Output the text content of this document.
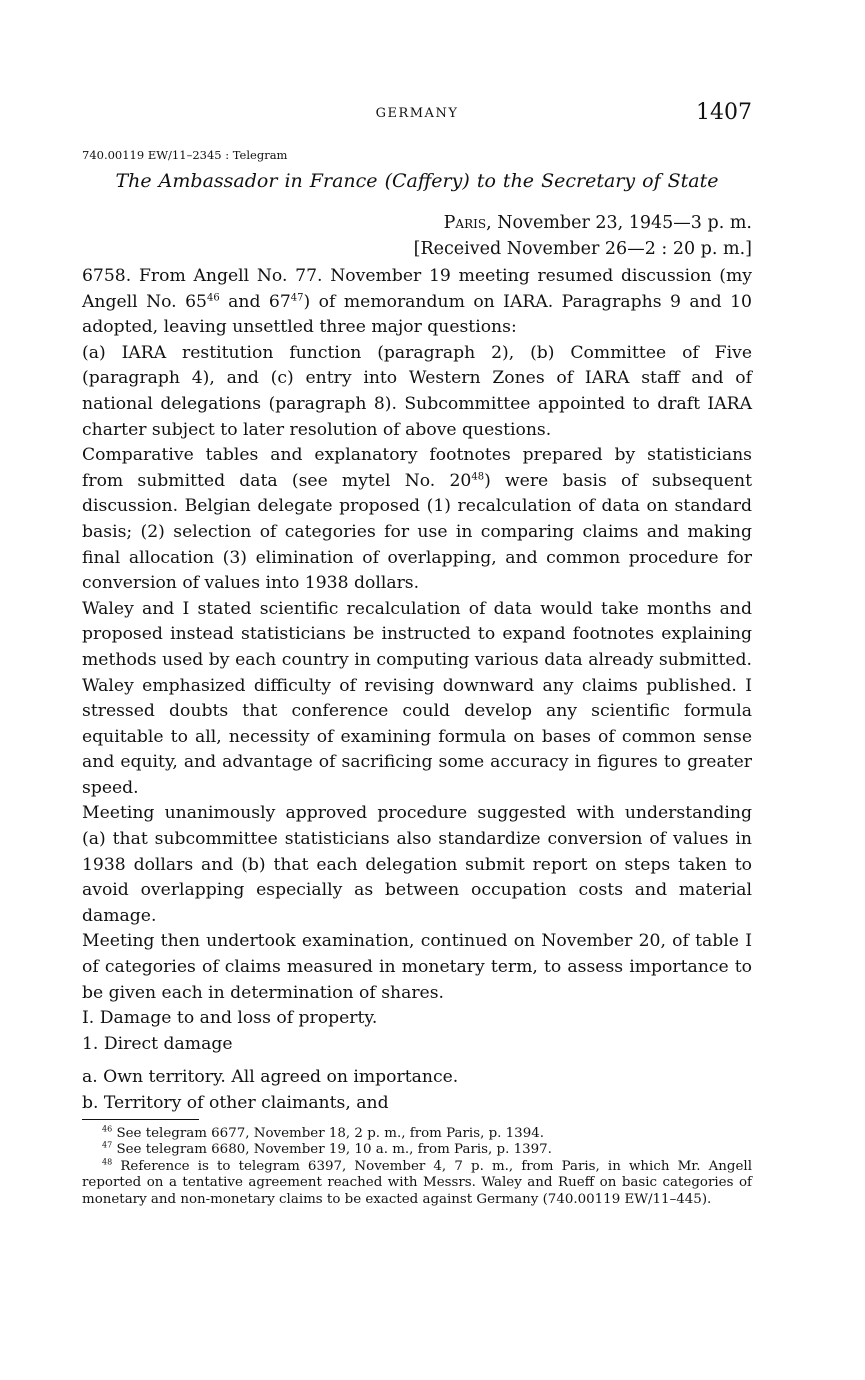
GERMANY	1407
740.00119 EW/11–2345 : Telegram
The Ambassador in France (Caffery) to the Secretary of State
Paris, November 23, 1945—3 p. m.
[Received November 26—2 : 20 p. m.]

6758. From Angell No. 77. November 19 meeting resumed discussion (my Angell No. 65$^{46}$ and 67$^{47}$) of memorandum on IARA. Paragraphs 9 and 10 adopted, leaving unsettled three major questions:

(a) IARA restitution function (paragraph 2), (b) Committee of Five (paragraph 4), and (c) entry into Western Zones of IARA staff and of national delegations (paragraph 8). Subcommittee appointed to draft IARA charter subject to later resolution of above questions.

Comparative tables and explanatory footnotes prepared by statisticians from submitted data (see mytel No. 20$^{48}$) were basis of subsequent discussion. Belgian delegate proposed (1) recalculation of data on standard basis; (2) selection of categories for use in comparing claims and making final allocation (3) elimination of overlapping, and common procedure for conversion of values into 1938 dollars.

Waley and I stated scientific recalculation of data would take months and proposed instead statisticians be instructed to expand footnotes explaining methods used by each country in computing various data already submitted. Waley emphasized difficulty of revising downward any claims published. I stressed doubts that conference could develop any scientific formula equitable to all, necessity of examining formula on bases of common sense and equity, and advantage of sacrificing some accuracy in figures to greater speed.

Meeting unanimously approved procedure suggested with understanding (a) that subcommittee statisticians also standardize conversion of values in 1938 dollars and (b) that each delegation submit report on steps taken to avoid overlapping especially as between occupation costs and material damage.

Meeting then undertook examination, continued on November 20, of table I of categories of claims measured in monetary term, to assess importance to be given each in determination of shares.

I. Damage to and loss of property.

1. Direct damage

a. Own territory. All agreed on importance.

b. Territory of other claimants, and

$^{46}$ See telegram 6677, November 18, 2 p. m., from Paris, p. 1394.

$^{47}$ See telegram 6680, November 19, 10 a. m., from Paris, p. 1397.

$^{48}$ Reference is to telegram 6397, November 4, 7 p. m., from Paris, in which Mr. Angell reported on a tentative agreement reached with Messrs. Waley and Rueff on basic categories of monetary and non-monetary claims to be exacted against Germany (740.00119 EW/11–445).
